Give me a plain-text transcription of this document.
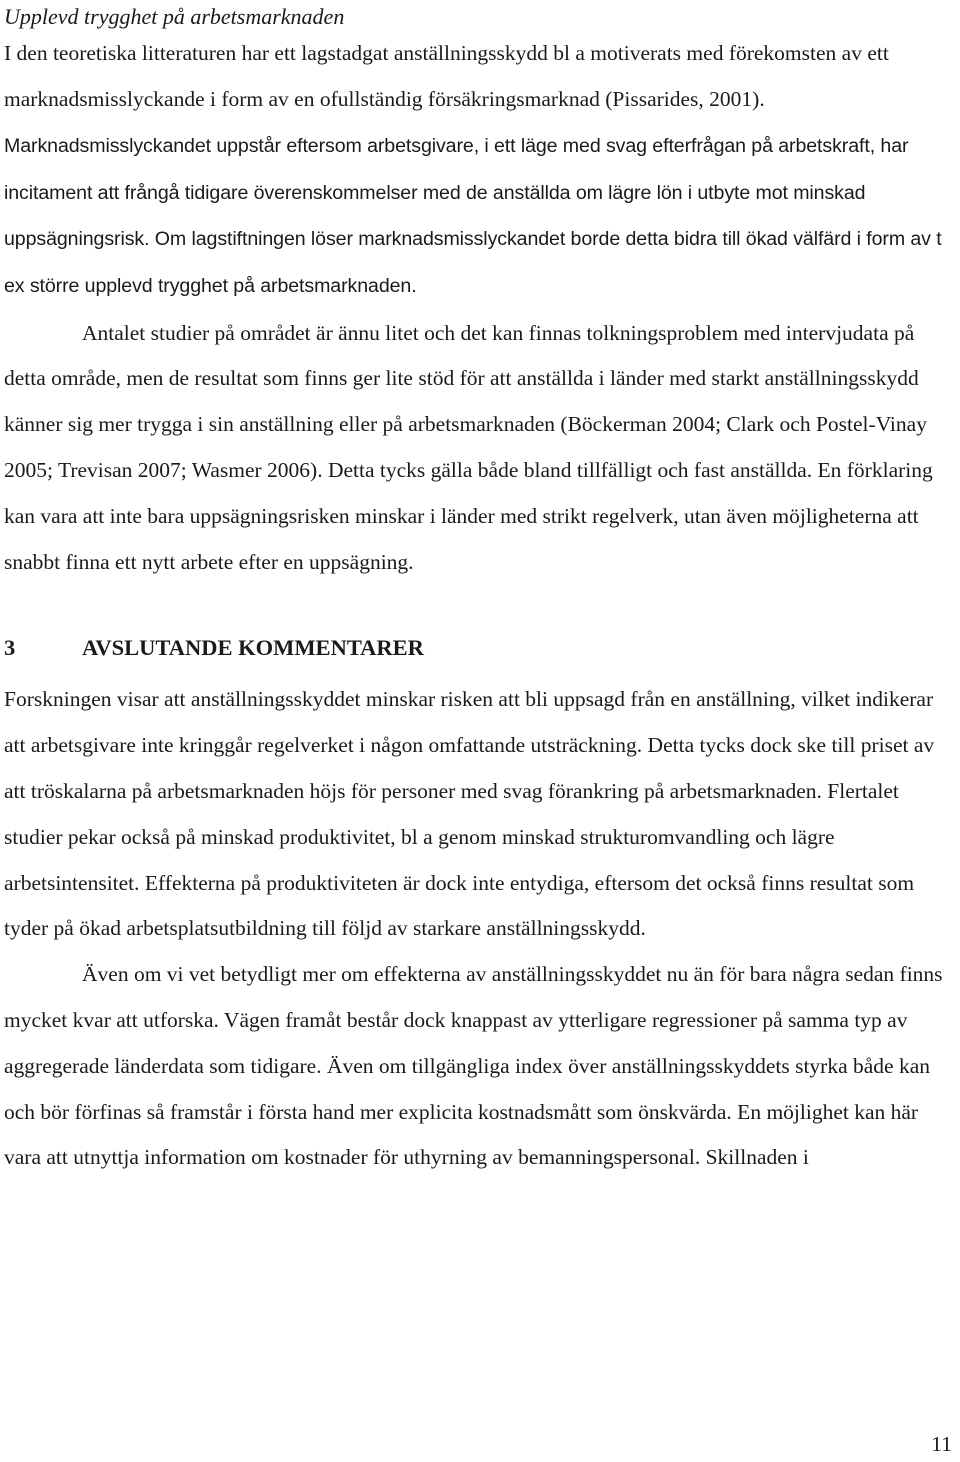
Upplevd trygghet på arbetsmarknaden

I den teoretiska litteraturen har ett lagstadgat anställningsskydd bl a motiverats med förekomsten av ett marknadsmisslyckande i form av en ofullständig försäkringsmarknad (Pissarides, 2001). Marknadsmisslyckandet uppstår eftersom arbetsgivare, i ett läge med svag efterfrågan på arbetskraft, har incitament att frångå tidigare överenskommelser med de anställda om lägre lön i utbyte mot minskad uppsägningsrisk. Om lagstiftningen löser marknadsmisslyckandet borde detta bidra till ökad välfärd i form av t ex större upplevd trygghet på arbetsmarknaden.

Antalet studier på området är ännu litet och det kan finnas tolkningsproblem med intervjudata på detta område, men de resultat som finns ger lite stöd för att anställda i länder med starkt anställningsskydd känner sig mer trygga i sin anställning eller på arbetsmarknaden (Böckerman 2004; Clark och Postel-Vinay 2005; Trevisan 2007; Wasmer 2006). Detta tycks gälla både bland tillfälligt och fast anställda. En förklaring kan vara att inte bara uppsägningsrisken minskar i länder med strikt regelverk, utan även möjligheterna att snabbt finna ett nytt arbete efter en uppsägning.

3	AVSLUTANDE KOMMENTARER

Forskningen visar att anställningsskyddet minskar risken att bli uppsagd från en anställning, vilket indikerar att arbetsgivare inte kringgår regelverket i någon omfattande utsträckning. Detta tycks dock ske till priset av att tröskalarna på arbetsmarknaden höjs för personer med svag förankring på arbetsmarknaden. Flertalet studier pekar också på minskad produktivitet, bl a genom minskad strukturomvandling och lägre arbetsintensitet. Effekterna på produktiviteten är dock inte entydiga, eftersom det också finns resultat som tyder på ökad arbetsplatsutbildning till följd av starkare anställningsskydd.

Även om vi vet betydligt mer om effekterna av anställningsskyddet nu än för bara några sedan finns mycket kvar att utforska. Vägen framåt består dock knappast av ytterligare regressioner på samma typ av aggregerade länderdata som tidigare. Även om tillgängliga index över anställningsskyddets styrka både kan och bör förfinas så framstår i första hand mer explicita kostnadsmått som önskvärda. En möjlighet kan här vara att utnyttja information om kostnader för uthyrning av bemanningspersonal. Skillnaden i

11
